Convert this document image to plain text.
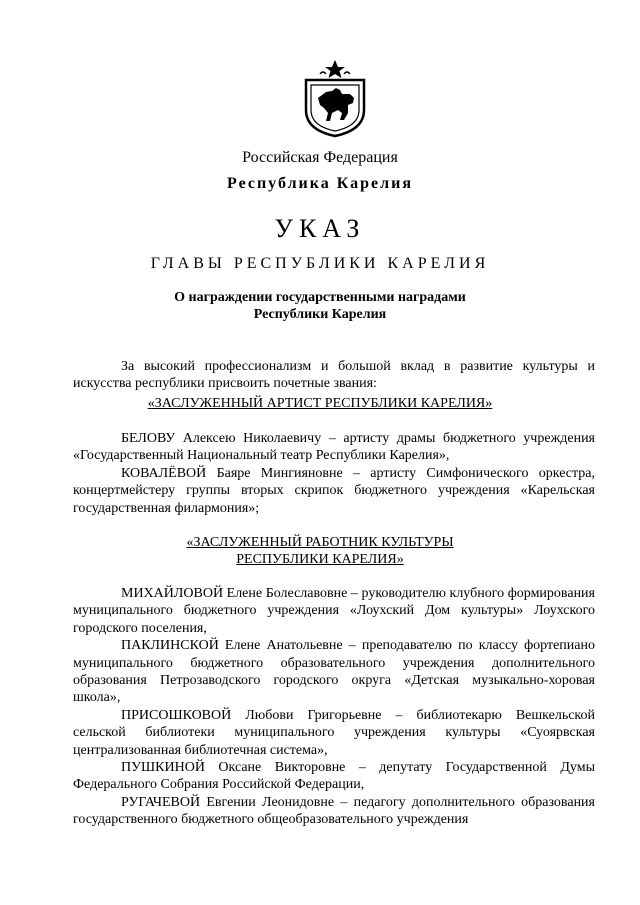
Российская Федерация
Республика Карелия
УКАЗ
ГЛАВЫ РЕСПУБЛИКИ КАРЕЛИЯ
О награждении государственными наградами
Республики Карелия
За высокий профессионализм и большой вклад в развитие культуры и искусства республики присвоить почетные звания:
«ЗАСЛУЖЕННЫЙ АРТИСТ РЕСПУБЛИКИ КАРЕЛИЯ»
БЕЛОВУ Алексею Николаевичу – артисту драмы бюджетного учреждения «Государственный Национальный театр Республики Карелия»,
КОВАЛЁВОЙ Баяре Мингияновне – артисту Симфонического оркестра, концертмейстеру группы вторых скрипок бюджетного учреждения «Карельская государственная филармония»;
«ЗАСЛУЖЕННЫЙ РАБОТНИК КУЛЬТУРЫ
РЕСПУБЛИКИ КАРЕЛИЯ»
МИХАЙЛОВОЙ Елене Болеславовне – руководителю клубного формирования муниципального бюджетного учреждения «Лоухский Дом культуры» Лоухского городского поселения,
ПАКЛИНСКОЙ Елене Анатольевне – преподавателю по классу фортепиано муниципального бюджетного образовательного учреждения дополнительного образования Петрозаводского городского округа «Детская музыкально-хоровая школа»,
ПРИСОШКОВОЙ Любови Григорьевне – библиотекарю Вешкельской сельской библиотеки муниципального учреждения культуры «Суоярвская централизованная библиотечная система»,
ПУШКИНОЙ Оксане Викторовне – депутату Государственной Думы Федерального Собрания Российской Федерации,
РУГАЧЕВОЙ Евгении Леонидовне – педагогу дополнительного образования государственного бюджетного общеобразовательного учреждения
